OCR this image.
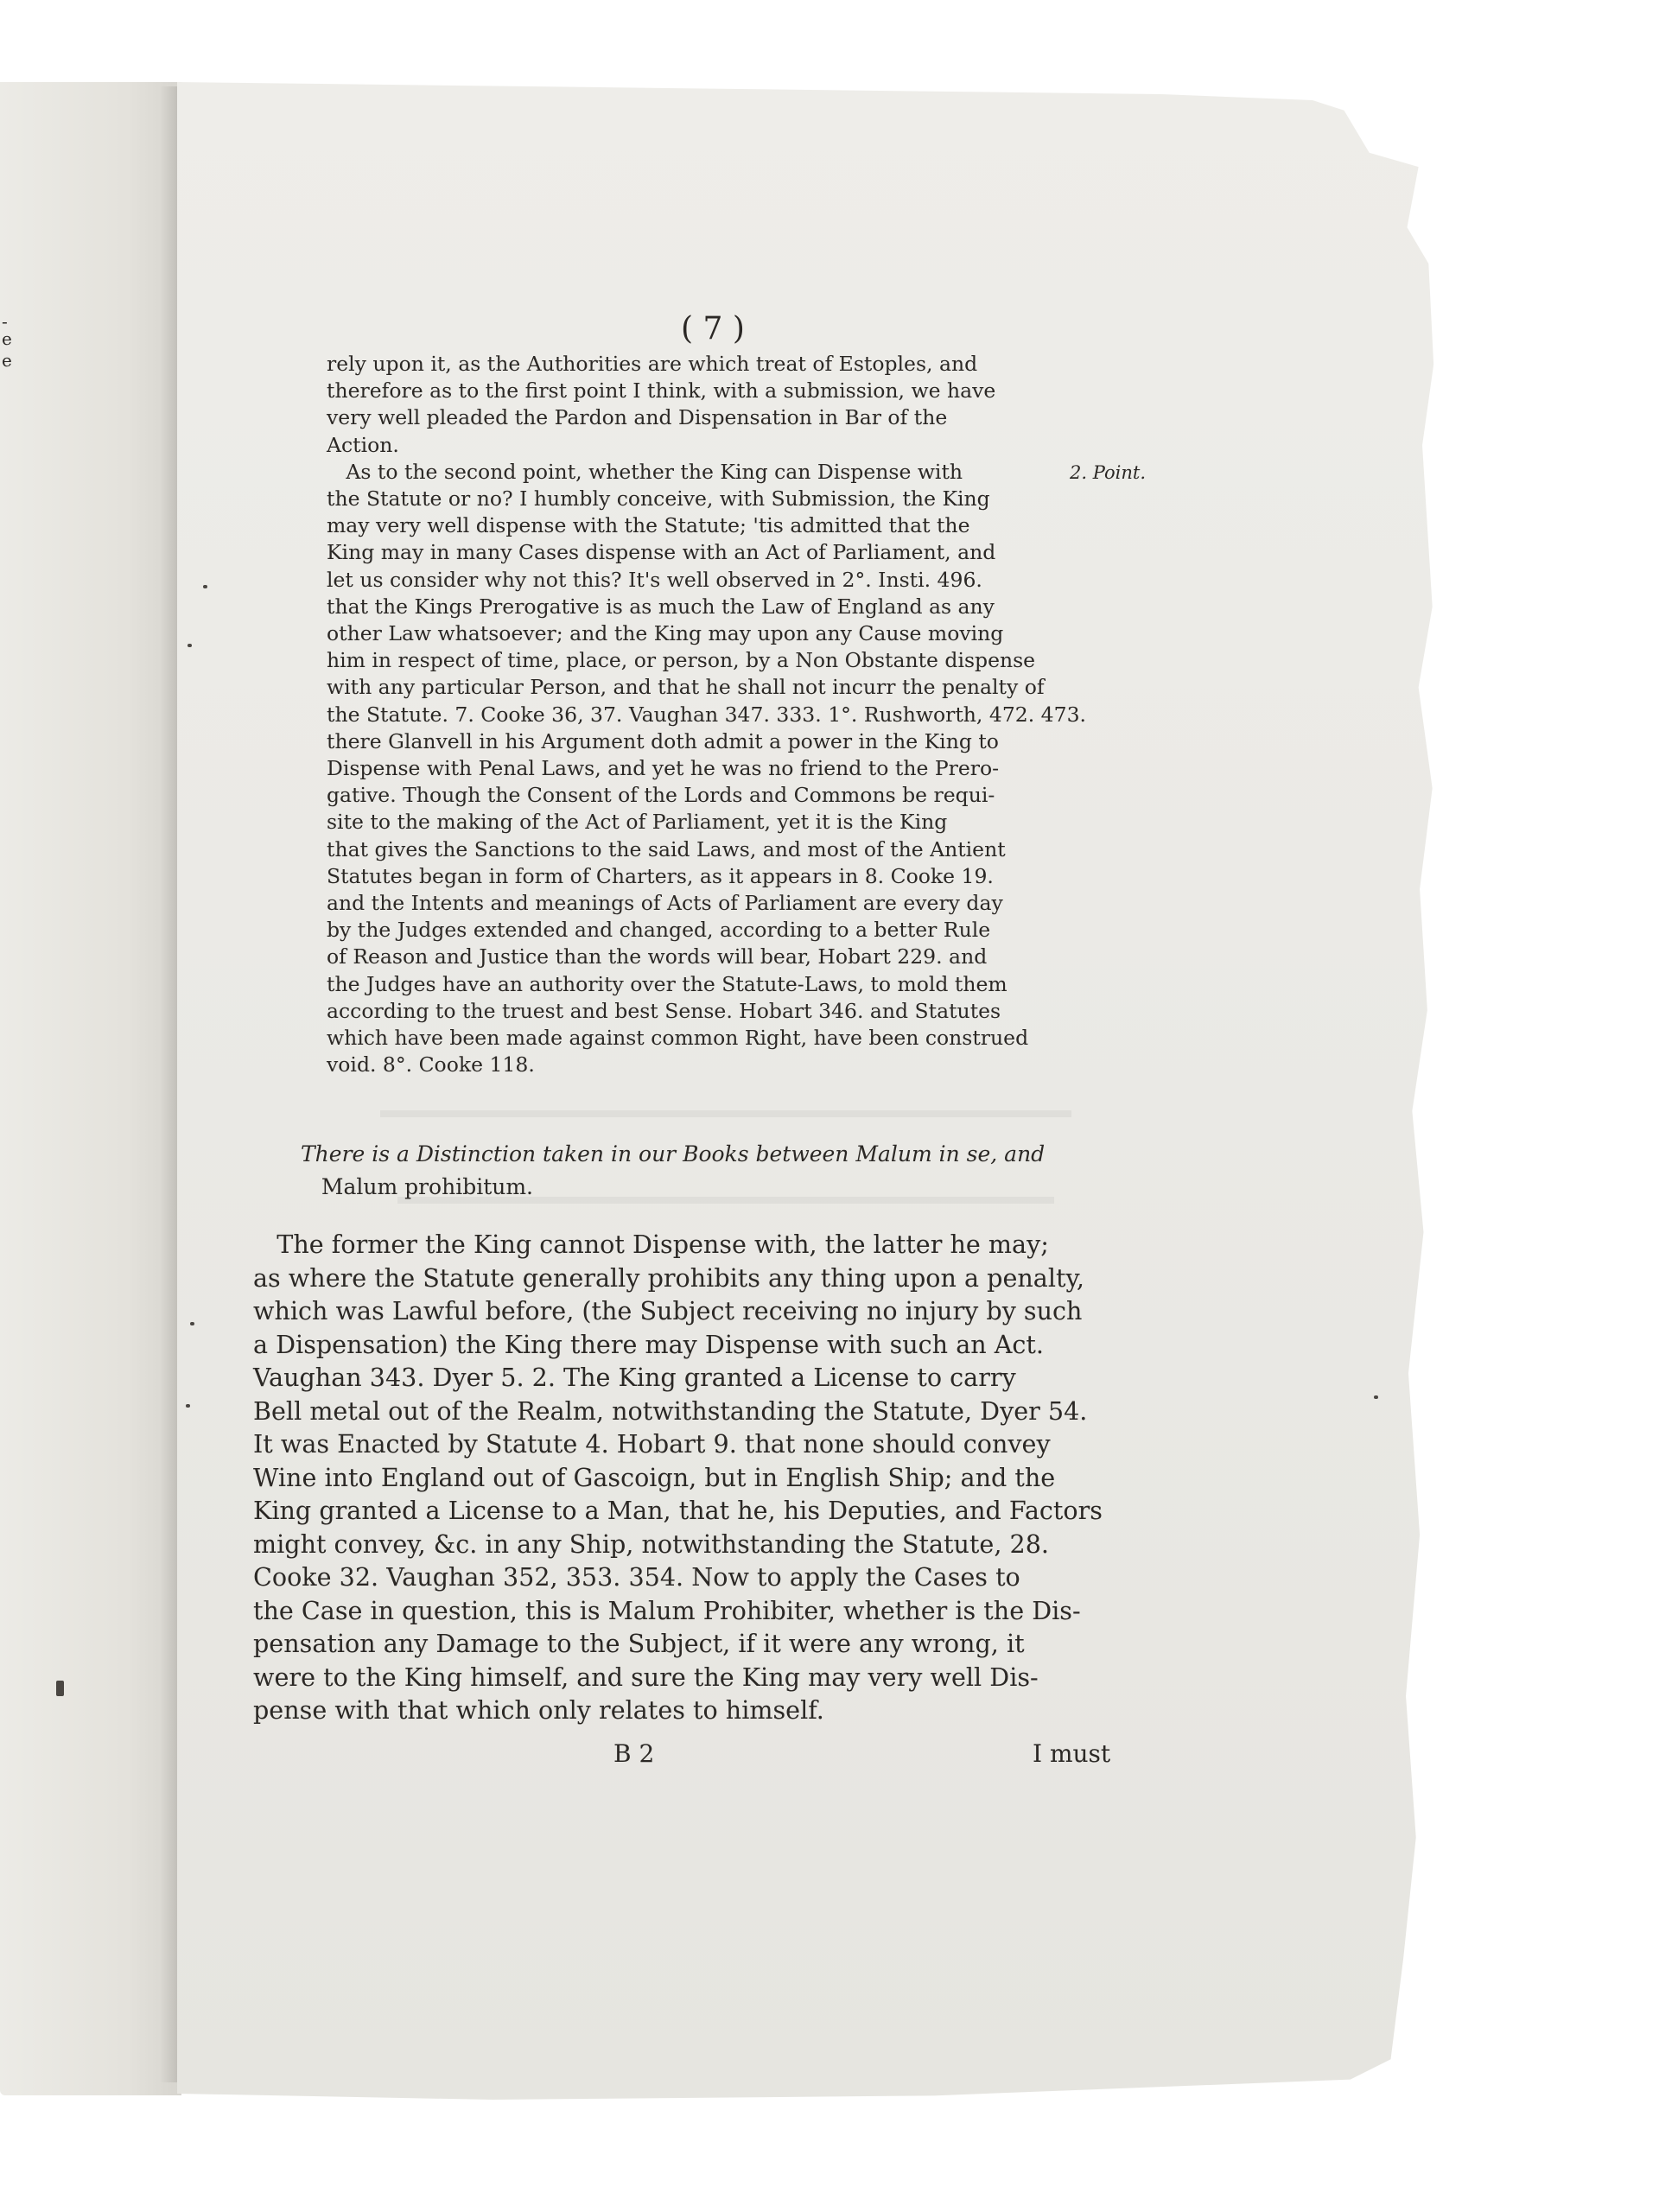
-
e
e
( 7 )
rely upon it, as the Authorities are which treat of Estoples, and
therefore as to the first point I think, with a submission, we have
very well pleaded the Pardon and Dispensation in Bar of the
Action.
As to the second point, whether the King can Dispense with
the Statute or no? I humbly conceive, with Submission, the King
may very well dispense with the Statute; 'tis admitted that the
King may in many Cases dispense with an Act of Parliament, and
let us consider why not this? It's well observed in 2°. Insti. 496.
that the Kings Prerogative is as much the Law of England as any
other Law whatsoever; and the King may upon any Cause moving
him in respect of time, place, or person, by a Non Obstante dispense
with any particular Person, and that he shall not incurr the penalty of
the Statute. 7. Cooke 36, 37. Vaughan 347. 333. 1°. Rushworth, 472. 473.
there Glanvell in his Argument doth admit a power in the King to
Dispense with Penal Laws, and yet he was no friend to the Prero-
gative. Though the Consent of the Lords and Commons be requi-
site to the making of the Act of Parliament, yet it is the King
that gives the Sanctions to the said Laws, and most of the Antient
Statutes began in form of Charters, as it appears in 8. Cooke 19.
and the Intents and meanings of Acts of Parliament are every day
by the Judges extended and changed, according to a better Rule
of Reason and Justice than the words will bear, Hobart 229. and
the Judges have an authority over the Statute-Laws, to mold them
according to the truest and best Sense. Hobart 346. and Statutes
which have been made against common Right, have been construed
void. 8°. Cooke 118.
2. Point.
There is a Distinction taken in our Books between Malum in se, and
Malum prohibitum.
The former the King cannot Dispense with, the latter he may;
as where the Statute generally prohibits any thing upon a penalty,
which was Lawful before, (the Subject receiving no injury by such
a Dispensation) the King there may Dispense with such an Act.
Vaughan 343. Dyer 5. 2. The King granted a License to carry
Bell metal out of the Realm, notwithstanding the Statute, Dyer 54.
It was Enacted by Statute 4. Hobart 9. that none should convey
Wine into England out of Gascoign, but in English Ship; and the
King granted a License to a Man, that he, his Deputies, and Factors
might convey, &c. in any Ship, notwithstanding the Statute, 28.
Cooke 32. Vaughan 352, 353. 354. Now to apply the Cases to
the Case in question, this is Malum Prohibiter, whether is the Dis-
pensation any Damage to the Subject, if it were any wrong, it
were to the King himself, and sure the King may very well Dis-
pense with that which only relates to himself.
B 2	I must
